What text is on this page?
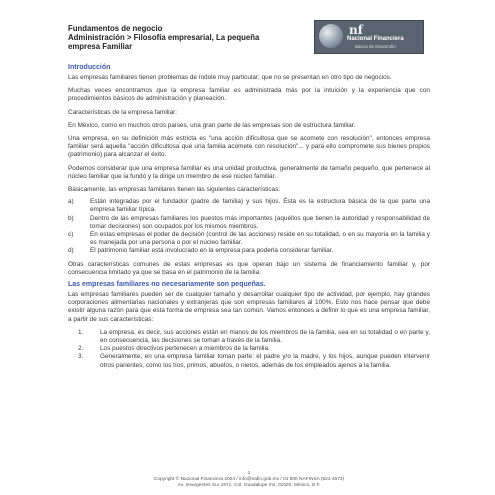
nf
Nacional Financiera
Banca de Desarrollo
Fundamentos de negocio
Administración > Filosofía empresarial, La pequeña
empresa Familiar
Introducción

Las empresas familiares tienen problemas de índole muy particular; que no se presentan en otro tipo de negocios.

Muchas veces encontramos que la empresa familiar es administrada más por la intuición y la experiencia que con procedimientos básicos de administración y planeación.

Características de la empresa familiar:

En México, como en muchos otros países, una gran parte de las empresas son de estructura familiar.

Una empresa, en su definición más estricta es "una acción dificultosa que se acomete con resolución", entonces empresa familiar será aquella "acción dificultosa que una familia acomete con resolución"... y para ello compromete sus bienes propios (patrimonio) para alcanzar el éxito.

Podemos considerar que una empresa familiar es una unidad productiva, generalmente de tamaño pequeño, que pertenece al núcleo familiar que la fundó y la dirige un miembro de ese núcleo familiar.

Básicamente, las empresas familiares tienen las siguientes características:

a)	Están integradas por el fundador (padre de familia) y sus hijos. Ésta es la estructura básica de la que parte una empresa familiar típica.
b)	Dentro de las empresas familiares los puestos más importantes (aquéllos que tienen la autoridad y responsabilidad de tomar decisiones) son ocupados por los mismos miembros.
c)	En estas empresas el poder de decisión (control de las acciones) reside en su totalidad, o en su mayoría en la familia y es manejada por una persona o por el núcleo familiar.
d)	El patrimonio familiar está involucrado en la empresa para poderla considerar familiar.

Otras características comunes de estas empresas es que operan bajo un sistema de financiamiento familiar y, por consecuencia limitado ya que se basa en el patrimonio de la familia.

Las empresas familiares no necesariamente son pequeñas.

Las empresas familiares pueden ser de cualquier tamaño y desarrollar cualquier tipo de actividad, por ejemplo, hay grandes corporaciones alimentarias nacionales y extranjeras que son empresas familiares al 100%. Esto nos hace pensar que debe existir alguna razón para que esta forma de empresa sea tan común. Vamos entonces a definir lo que es una empresa familiar, a partir de sus características:

1.	La empresa, es decir, sus acciones están en manos de los miembros de la familia, sea en su totalidad o en parte y, en consecuencia, las decisiones se toman a través de la familia.
2.	Los puestos directivos pertenecen a miembros de la familia.
3.	Generalmente, en una empresa familiar toman parte: el padre y/o la madre, y los hijos, aunque pueden intervenir otros parientes, como los tíos, primos, abuelos, o nietos, además de los empleados ajenos a la familia.
1
Copyright © Nacional Financiera 2004 / info@nafin.gob.mx / 01 800 NAFINSA (623 4672)
Av. Insurgentes Sur 1971, Col. Guadalupe Inn, 01020, México, D.F.
